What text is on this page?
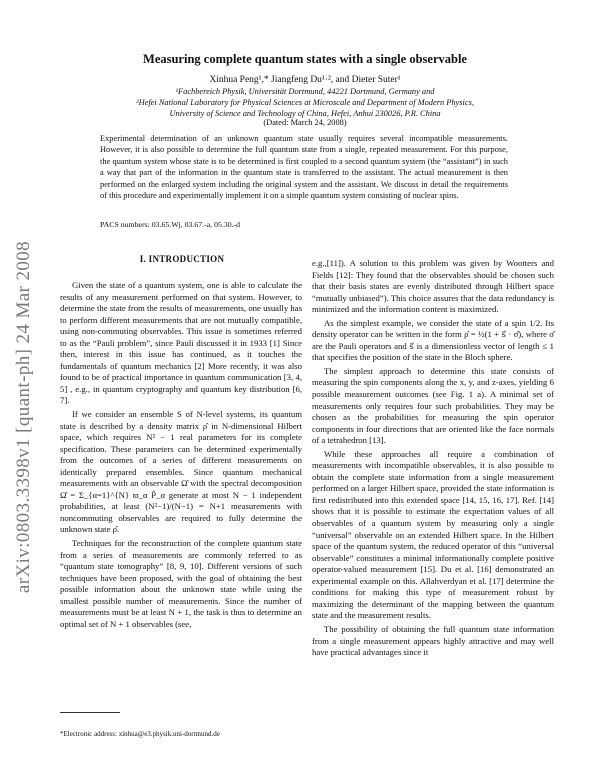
arXiv:0803.3398v1 [quant-ph] 24 Mar 2008
Measuring complete quantum states with a single observable
Xinhua Peng¹,* Jiangfeng Du¹·², and Dieter Suter¹
¹Fachbereich Physik, Universität Dortmund, 44221 Dortmund, Germany and
²Hefei National Laboratory for Physical Sciences at Microscale and Department of Modern Physics,
University of Science and Technology of China, Hefei, Anhui 230026, P.R. China
(Dated: March 24, 2008)
Experimental determination of an unknown quantum state usually requires several incompatible measurements. However, it is also possible to determine the full quantum state from a single, repeated measurement. For this purpose, the quantum system whose state is to be determined is first coupled to a second quantum system (the “assistant”) in such a way that part of the information in the quantum state is transferred to the assistant. The actual measurement is then performed on the enlarged system including the original system and the assistant. We discuss in detail the requirements of this procedure and experimentally implement it on a simple quantum system consisting of nuclear spins.
PACS numbers: 03.65.Wj, 03.67.-a, 05.30.-d
I. INTRODUCTION

Given the state of a quantum system, one is able to calculate the results of any measurement performed on that system. However, to determine the state from the results of measurements, one usually has to perform different measurements that are not mutually compatible, using non-commuting observables. This issue is sometimes referred to as the “Pauli problem”, since Pauli discussed it in 1933 [1] Since then, interest in this issue has continued, as it touches the fundamentals of quantum mechanics [2] More recently, it was also found to be of practical importance in quantum communication [3, 4, 5] , e.g., in quantum cryptography and quantum key distribution [6, 7].

If we consider an ensemble S of N-level systems, its quantum state is described by a density matrix ρ̂ in N-dimensional Hilbert space, which requires N² − 1 real parameters for its complete specification. These parameters can be determined experimentally from the outcomes of a series of different measurements on identically prepared ensembles. Since quantum mechanical measurements with an observable Ω̂ with the spectral decomposition Ω̂ = Σ_{α=1}^{N} ϖ_α P̂_α generate at most N − 1 independent probabilities, at least (N²−1)/(N−1) = N+1 measurements with noncommuting observables are required to fully determine the unknown state ρ̂.

Techniques for the reconstruction of the complete quantum state from a series of measurements are commonly referred to as “quantum state tomography” [8, 9, 10]. Different versions of such techniques have been proposed, with the goal of obtaining the best possible information about the unknown state while using the smallest possible number of measurements. Since the number of measurements must be at least N + 1, the task is thus to determine an optimal set of N + 1 observables (see,

e.g.,[11]). A solution to this problem was given by Wootters and Fields [12]: They found that the observables should be chosen such that their basis states are evenly distributed through Hilbert space “mutually unbiased”). This choice assures that the data redundancy is minimized and the information content is maximized.

As the simplest example, we consider the state of a spin 1/2. Its density operator can be written in the form ρ̂ = ½(1 + s⃗ · σ̂), where σ̂ are the Pauli operators and s⃗ is a dimensionless vector of length ≤ 1 that specifies the position of the state in the Bloch sphere.

The simplest approach to determine this state consists of measuring the spin components along the x, y, and z-axes, yielding 6 possible measurement outcomes (see Fig. 1 a). A minimal set of measurements only requires four such probabilities. They may be chosen as the probabilities for measuring the spin operator components in four directions that are oriented like the face normals of a tetrahedron [13].

While these approaches all require a combination of measurements with incompatible observables, it is also possible to obtain the complete state information from a single measurement performed on a larger Hilbert space, provided the state information is first redistributed into this extended space [14, 15, 16, 17]. Ref. [14] shows that it is possible to estimate the expectation values of all observables of a quantum system by measuring only a single “universal” observable on an extended Hilbert space. In the Hilbert space of the quantum system, the reduced operator of this “universal observable” constitutes a minimal informationally complete positive operator-valued measurement [15]. Du et al. [16] demonstrated an experimental example on this. Allahverdyan et al. [17] determine the conditions for making this type of measurement robust by maximizing the determinant of the mapping between the quantum state and the measurement results.

The possibility of obtaining the full quantum state information from a single measurement appears highly attractive and may well have practical advantages since it

*Electronic address: xinhua@e3.physik.uni-dortmund.de
